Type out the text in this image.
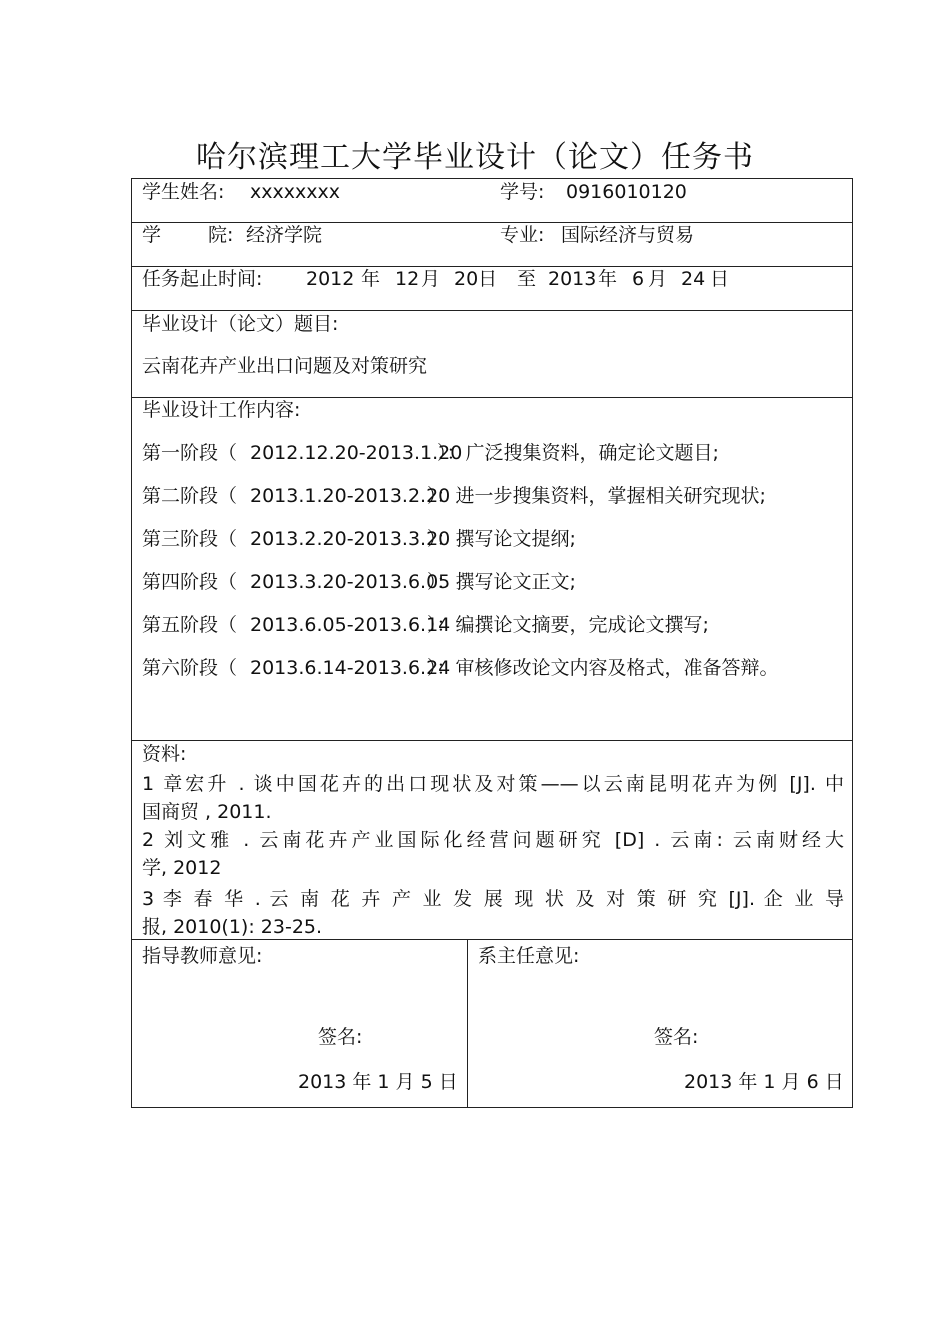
哈尔滨理工大学毕业设计（论文）任务书
学生姓名: xxxxxxxx	学号: 0916010120
学 院: 经济学院	专业: 国际经济与贸易
任务起止时间: 2012 年 12 月 20日 至 2013 年 6 月 24 日
毕业设计（论文）题目:
云南花卉产业出口问题及对策研究
毕业设计工作内容:
第一阶段（ 2012.12.20-2013.1.20
）：广泛搜集资料，确定论文题目;
第二阶段（ 2013.1.20-2013.2.20
）：进一步搜集资料，掌握相关研究现状;
第三阶段（ 2013.2.20-2013.3.20
）：撰写论文提纲;
第四阶段（ 2013.3.20-2013.6.05
）：撰写论文正文;
第五阶段（ 2013.6.05-2013.6.14
）：编撰论文摘要，完成论文撰写;
第六阶段（ 2013.6.14-2013.6.24
）：审核修改论文内容及格式，准备答辩。
资料:
1 章宏升 . 谈中国花卉的出口现状及对策——以云南昆明花卉为例 [J]. 中
国商贸 , 2011.
2 刘文雅 . 云南花卉产业国际化经营问题研究 [D] . 云南: 云南财经大
学, 2012
3 李 春 华 . 云 南 花 卉 产 业 发 展 现 状 及 对 策 研 究 [J]. 企 业 导
报, 2010(1): 23-25.
指导教师意见:
签名:
2013 年 1 月 5 日
系主任意见:
签名:
2013 年 1 月 6 日
